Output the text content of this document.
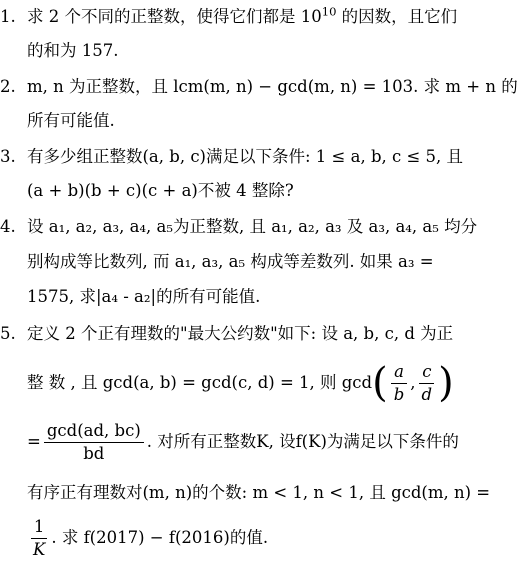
1. 求 2 个不同的正整数，使得它们都是 $10^{10}$ 的因数，且它们
的和为 157.
2. m, n 为正整数，且 lcm(m, n) − gcd(m, n) = 103. 求 m + n 的
所有可能值.
3. 有多少组正整数(a, b, c)满足以下条件: 1 ≤ a, b, c ≤ 5, 且
(a + b)(b + c)(c + a)不被 4 整除?
4. 设 a₁, a₂, a₃, a₄, a₅为正整数, 且 a₁, a₂, a₃ 及 a₃, a₄, a₅ 均分
别构成等比数列, 而 a₁, a₃, a₅ 构成等差数列. 如果 a₃ =
1575, 求|a₄ - a₂|的所有可能值.
5. 定义 2 个正有理数的"最大公约数"如下: 设 a, b, c, d 为正
整 数 , 且 gcd(a, b) = gcd(c, d) = 1, 则 gcd ( $\frac{a}{b}$ , $\frac{c}{d}$ )
= $\frac{\gcd(ad, bc)}{bd}$ . 对所有正整数K, 设f(K)为满足以下条件的
有序正有理数对(m, n)的个数: m < 1, n < 1, 且 gcd(m, n) =
$\frac{1}{K}$ . 求 f(2017) − f(2016)的值.
